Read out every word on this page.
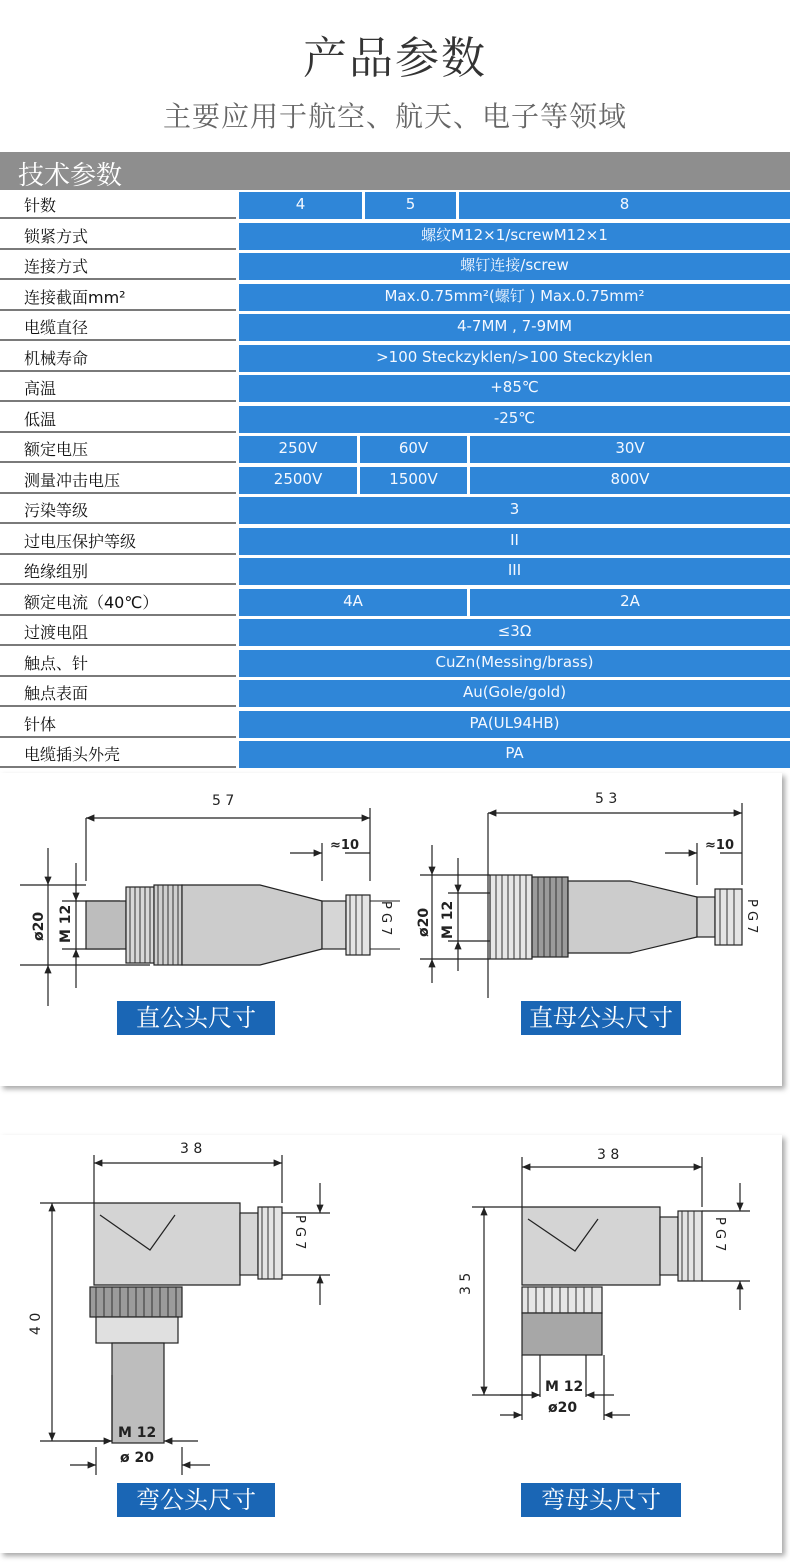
产品参数
主要应用于航空、航天、电子等领域
技术参数
针数	4	5	8
锁紧方式	螺纹M12×1/screwM12×1
连接方式	螺钉连接/screw
连接截面mm²	Max.0.75mm²(螺钉 ) Max.0.75mm²
电缆直径	4-7MM , 7-9MM
机械寿命	>100 Steckzyklen/>100 Steckzyklen
高温	+85℃
低温	-25℃
额定电压	250V	60V	30V
测量冲击电压	2500V	1500V	800V
污染等级	3
过电压保护等级	II
绝缘组别	III
额定电流（40℃）	4A	2A
过渡电阻	≤3Ω
触点、针	CuZn(Messing/brass)
触点表面	Au(Gole/gold)
针体	PA(UL94HB)
电缆插头外壳	PA
5 7
≈10
ø20 M 12	P G 7
5 3
≈10
ø20 M 12	P G 7
直公头尺寸	直母公头尺寸
3 8
4 0
M 12
ø 20
P G 7
3 8
3 5
M 12
ø20
P G 7
弯公头尺寸	弯母头尺寸
